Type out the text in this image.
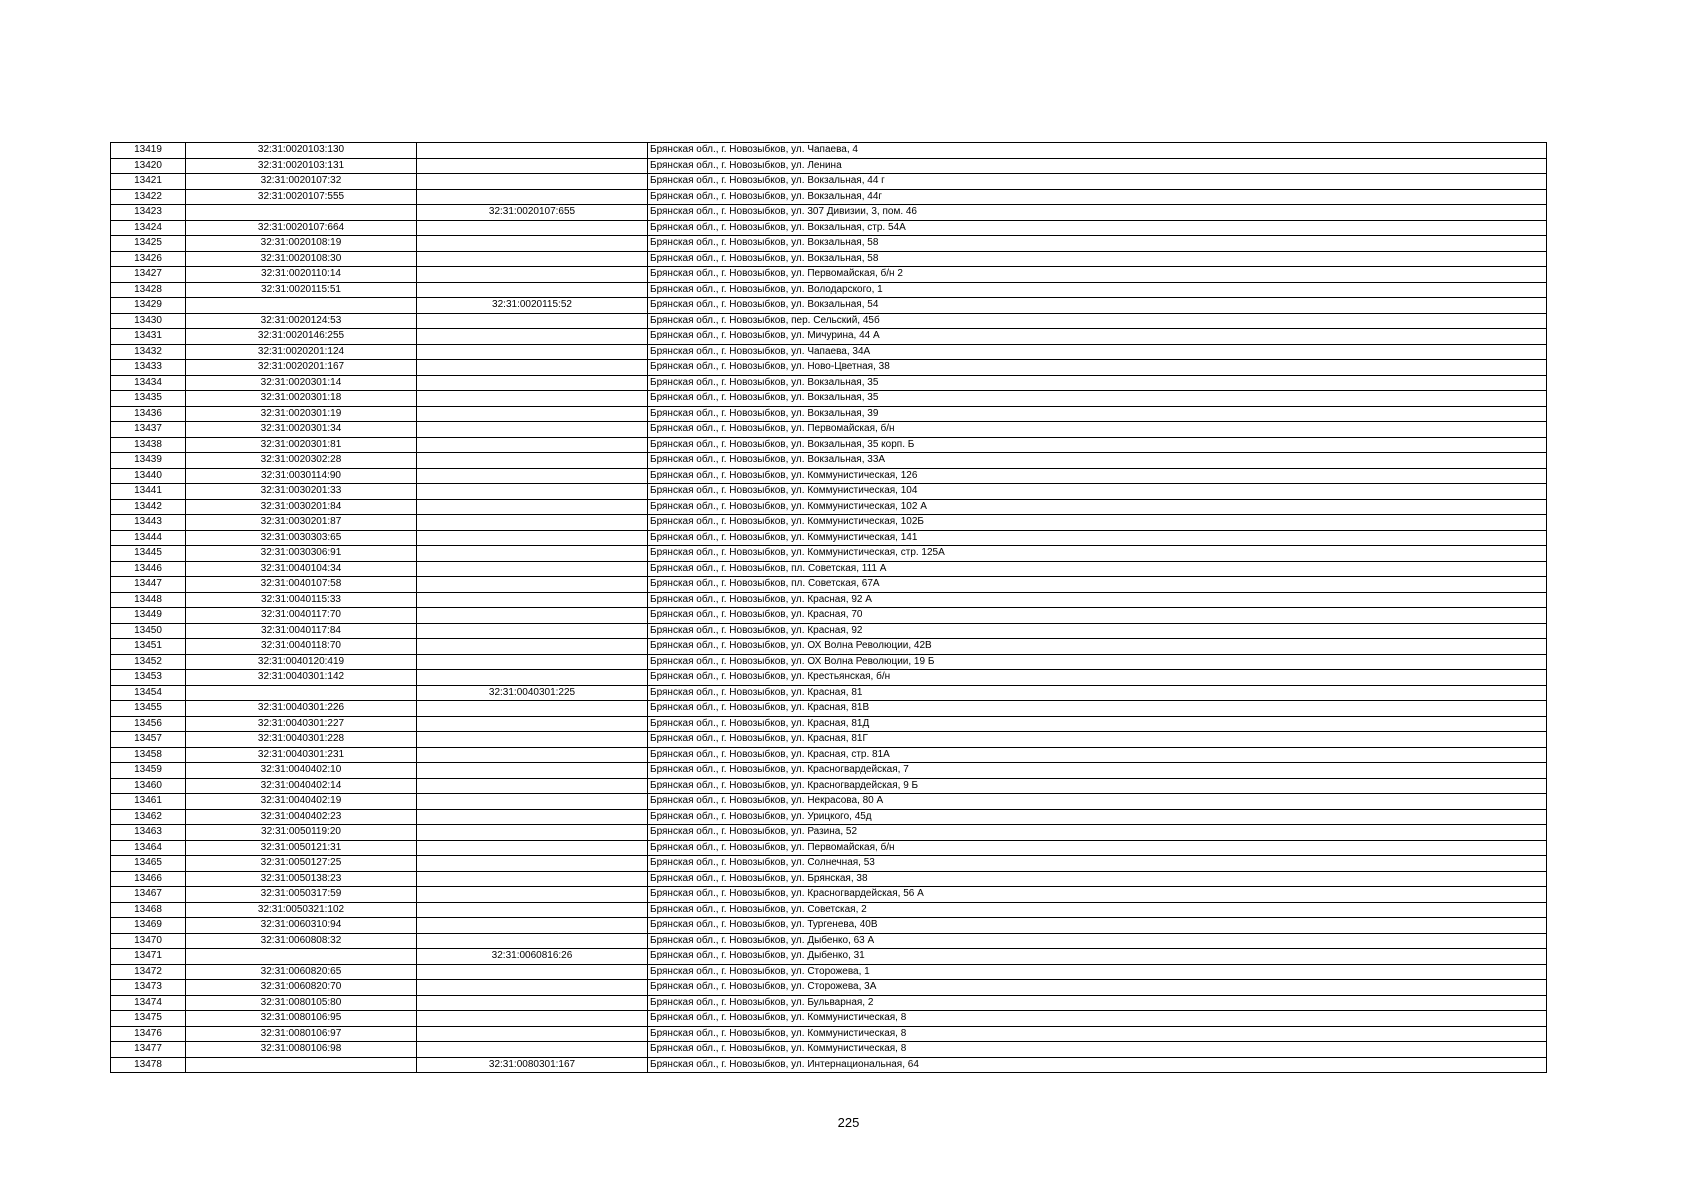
13419	32:31:0020103:130		Брянская обл., г. Новозыбков, ул. Чапаева, 4
13420	32:31:0020103:131		Брянская обл., г. Новозыбков, ул. Ленина
13421	32:31:0020107:32		Брянская обл., г. Новозыбков, ул. Вокзальная, 44 г
13422	32:31:0020107:555		Брянская обл., г. Новозыбков, ул. Вокзальная, 44г
13423		32:31:0020107:655	Брянская обл., г. Новозыбков, ул. 307 Дивизии, 3, пом. 46
13424	32:31:0020107:664		Брянская обл., г. Новозыбков, ул. Вокзальная, стр. 54А
13425	32:31:0020108:19		Брянская обл., г. Новозыбков, ул. Вокзальная, 58
13426	32:31:0020108:30		Брянская обл., г. Новозыбков, ул. Вокзальная, 58
13427	32:31:0020110:14		Брянская обл., г. Новозыбков, ул. Первомайская, б/н 2
13428	32:31:0020115:51		Брянская обл., г. Новозыбков, ул. Володарского, 1
13429		32:31:0020115:52	Брянская обл., г. Новозыбков, ул. Вокзальная, 54
13430	32:31:0020124:53		Брянская обл., г. Новозыбков, пер. Сельский, 45б
13431	32:31:0020146:255		Брянская обл., г. Новозыбков, ул. Мичурина, 44 А
13432	32:31:0020201:124		Брянская обл., г. Новозыбков, ул. Чапаева, 34А
13433	32:31:0020201:167		Брянская обл., г. Новозыбков, ул. Ново-Цветная, 38
13434	32:31:0020301:14		Брянская обл., г. Новозыбков, ул. Вокзальная, 35
13435	32:31:0020301:18		Брянская обл., г. Новозыбков, ул. Вокзальная, 35
13436	32:31:0020301:19		Брянская обл., г. Новозыбков, ул. Вокзальная, 39
13437	32:31:0020301:34		Брянская обл., г. Новозыбков, ул. Первомайская, б/н
13438	32:31:0020301:81		Брянская обл., г. Новозыбков, ул. Вокзальная, 35 корп. Б
13439	32:31:0020302:28		Брянская обл., г. Новозыбков, ул. Вокзальная, 33А
13440	32:31:0030114:90		Брянская обл., г. Новозыбков, ул. Коммунистическая, 126
13441	32:31:0030201:33		Брянская обл., г. Новозыбков, ул. Коммунистическая, 104
13442	32:31:0030201:84		Брянская обл., г. Новозыбков, ул. Коммунистическая, 102 А
13443	32:31:0030201:87		Брянская обл., г. Новозыбков, ул. Коммунистическая, 102Б
13444	32:31:0030303:65		Брянская обл., г. Новозыбков, ул. Коммунистическая, 141
13445	32:31:0030306:91		Брянская обл., г. Новозыбков, ул. Коммунистическая, стр. 125А
13446	32:31:0040104:34		Брянская обл., г. Новозыбков, пл. Советская, 111 А
13447	32:31:0040107:58		Брянская обл., г. Новозыбков, пл. Советская, 67А
13448	32:31:0040115:33		Брянская обл., г. Новозыбков, ул. Красная, 92 А
13449	32:31:0040117:70		Брянская обл., г. Новозыбков, ул. Красная, 70
13450	32:31:0040117:84		Брянская обл., г. Новозыбков, ул. Красная, 92
13451	32:31:0040118:70		Брянская обл., г. Новозыбков, ул. ОХ Волна Революции, 42В
13452	32:31:0040120:419		Брянская обл., г. Новозыбков, ул. ОХ Волна Революции, 19 Б
13453	32:31:0040301:142		Брянская обл., г. Новозыбков, ул. Крестьянская, б/н
13454		32:31:0040301:225	Брянская обл., г. Новозыбков, ул. Красная, 81
13455	32:31:0040301:226		Брянская обл., г. Новозыбков, ул. Красная, 81В
13456	32:31:0040301:227		Брянская обл., г. Новозыбков, ул. Красная, 81Д
13457	32:31:0040301:228		Брянская обл., г. Новозыбков, ул. Красная, 81Г
13458	32:31:0040301:231		Брянская обл., г. Новозыбков, ул. Красная, стр. 81А
13459	32:31:0040402:10		Брянская обл., г. Новозыбков, ул. Красногвардейская, 7
13460	32:31:0040402:14		Брянская обл., г. Новозыбков, ул. Красногвардейская, 9 Б
13461	32:31:0040402:19		Брянская обл., г. Новозыбков, ул. Некрасова, 80 А
13462	32:31:0040402:23		Брянская обл., г. Новозыбков, ул. Урицкого, 45д
13463	32:31:0050119:20		Брянская обл., г. Новозыбков, ул. Разина, 52
13464	32:31:0050121:31		Брянская обл., г. Новозыбков, ул. Первомайская, б/н
13465	32:31:0050127:25		Брянская обл., г. Новозыбков, ул. Солнечная, 53
13466	32:31:0050138:23		Брянская обл., г. Новозыбков, ул. Брянская, 38
13467	32:31:0050317:59		Брянская обл., г. Новозыбков, ул. Красногвардейская, 56 А
13468	32:31:0050321:102		Брянская обл., г. Новозыбков, ул. Советская, 2
13469	32:31:0060310:94		Брянская обл., г. Новозыбков, ул. Тургенева, 40В
13470	32:31:0060808:32		Брянская обл., г. Новозыбков, ул. Дыбенко, 63 А
13471		32:31:0060816:26	Брянская обл., г. Новозыбков, ул. Дыбенко, 31
13472	32:31:0060820:65		Брянская обл., г. Новозыбков, ул. Сторожева, 1
13473	32:31:0060820:70		Брянская обл., г. Новозыбков, ул. Сторожева, 3А
13474	32:31:0080105:80		Брянская обл., г. Новозыбков, ул. Бульварная, 2
13475	32:31:0080106:95		Брянская обл., г. Новозыбков, ул. Коммунистическая, 8
13476	32:31:0080106:97		Брянская обл., г. Новозыбков, ул. Коммунистическая, 8
13477	32:31:0080106:98		Брянская обл., г. Новозыбков, ул. Коммунистическая, 8
13478		32:31:0080301:167	Брянская обл., г. Новозыбков, ул. Интернациональная, 64
225
